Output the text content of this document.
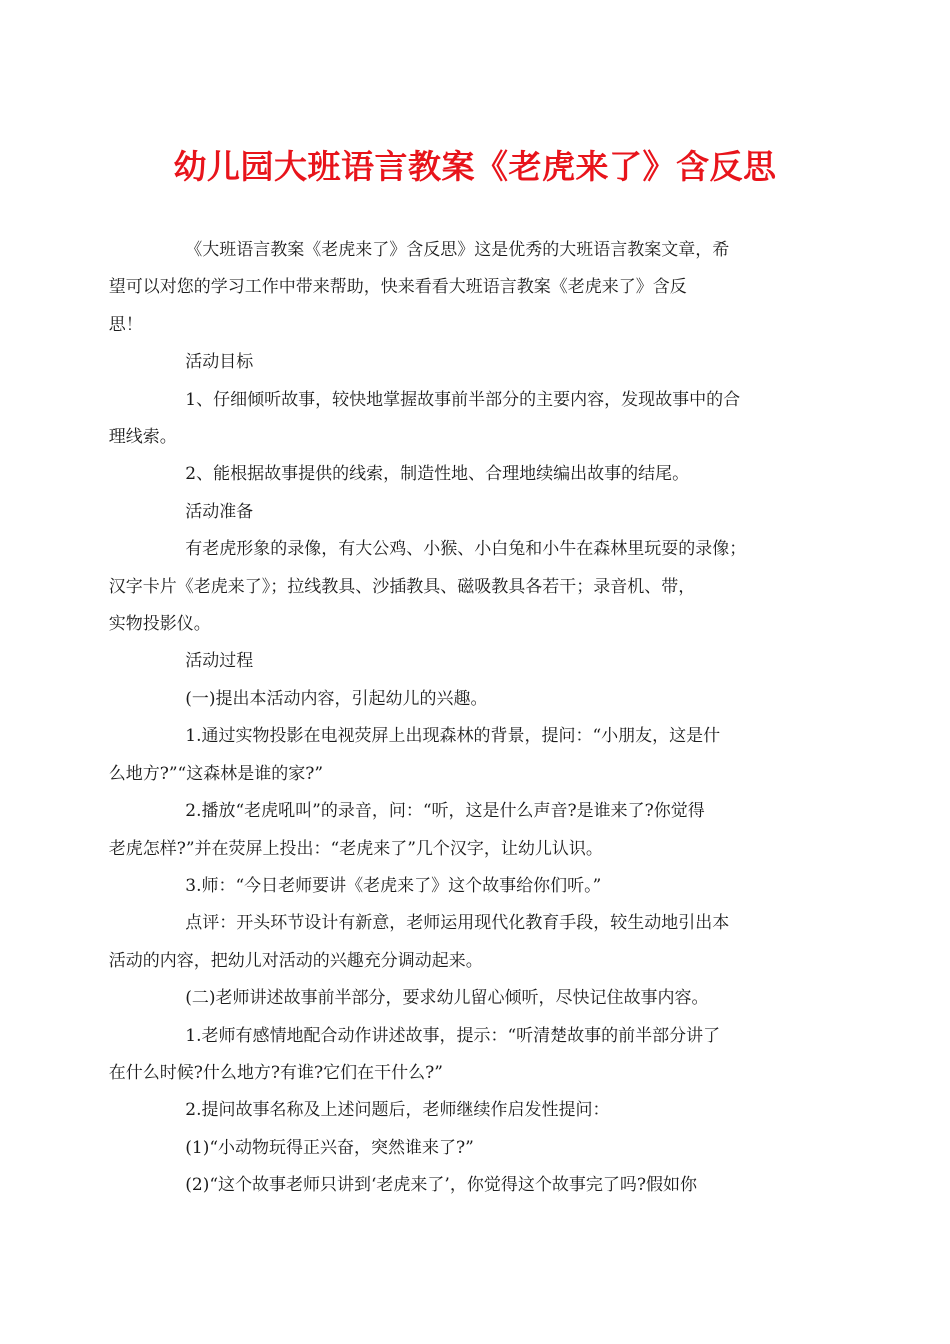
幼儿园大班语言教案《老虎来了》含反思

《大班语言教案《老虎来了》含反思》这是优秀的大班语言教案文章，希
望可以对您的学习工作中带来帮助，快来看看大班语言教案《老虎来了》含反
思！

活动目标

1、仔细倾听故事，较快地掌握故事前半部分的主要内容，发现故事中的合
理线索。

2、能根据故事提供的线索，制造性地、合理地续编出故事的结尾。

活动准备

有老虎形象的录像，有大公鸡、小猴、小白兔和小牛在森林里玩耍的录像；
汉字卡片《老虎来了》；拉线教具、沙插教具、磁吸教具各若干；录音机、带，
实物投影仪。

活动过程

(一)提出本活动内容，引起幼儿的兴趣。

1.通过实物投影在电视荧屏上出现森林的背景，提问：“小朋友，这是什
么地方?”“这森林是谁的家?”

2.播放“老虎吼叫”的录音，问：“听，这是什么声音?是谁来了?你觉得
老虎怎样?”并在荧屏上投出：“老虎来了”几个汉字，让幼儿认识。

3.师：“今日老师要讲《老虎来了》这个故事给你们听。”

点评：开头环节设计有新意，老师运用现代化教育手段，较生动地引出本
活动的内容，把幼儿对活动的兴趣充分调动起来。

(二)老师讲述故事前半部分，要求幼儿留心倾听，尽快记住故事内容。

1.老师有感情地配合动作讲述故事，提示：“听清楚故事的前半部分讲了
在什么时候?什么地方?有谁?它们在干什么?”

2.提问故事名称及上述问题后，老师继续作启发性提问：

(1)“小动物玩得正兴奋，突然谁来了?”

(2)“这个故事老师只讲到‘老虎来了’，你觉得这个故事完了吗?假如你
